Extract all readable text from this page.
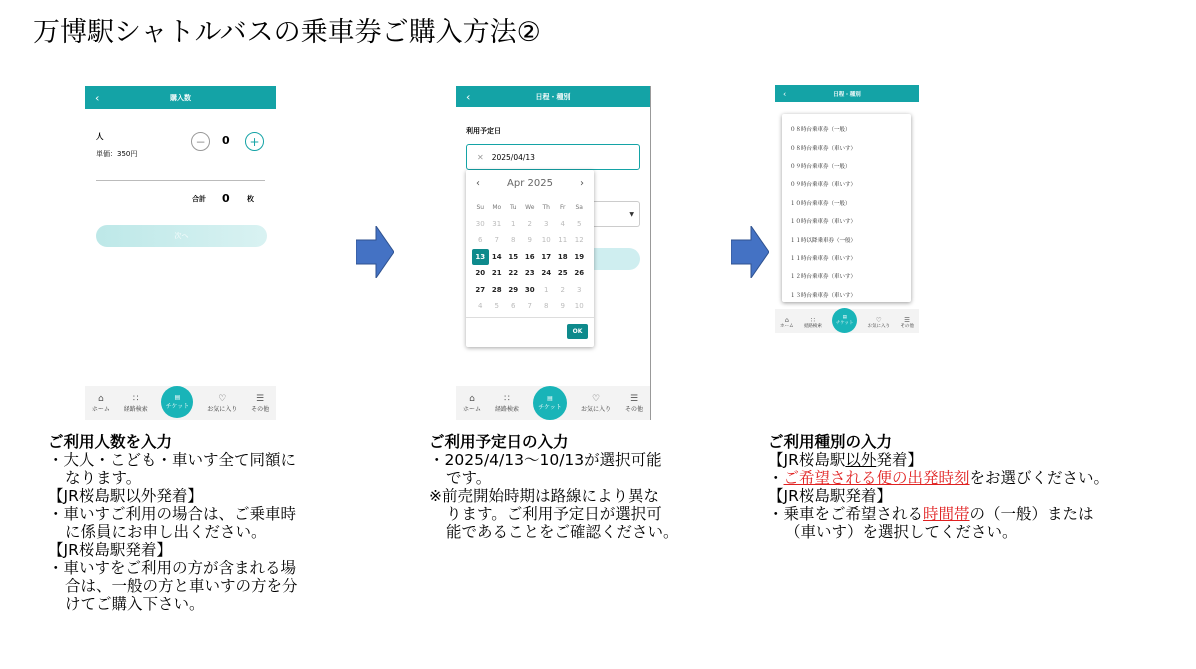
万博駅シャトルバスの乗車券ご購入方法②
‹	購入数
人
単価：350円
−	0	+
合計 0 枚
次へ
⌂
ホーム
∷
経路検索
▤
チケット
♡
お気に入り
☰
その他
‹	日程・種別
利用予定日
✕ 2025/04/13
▼
‹	Apr 2025	›
Su	Mo	Tu	We	Th	Fr	Sa
30	31	1	2	3	4	5
6	7	8	9	10	11	12
13 14 15 16 17 18 19
20 21 22 23 24 25 26
27 28 29 30	1	2	3
4	5	6	7	8	9	10
OK
⌂
ホーム
∷
経路検索
▤
チケット
♡
お気に入り
☰
その他
‹	日程・種別
０８時台乗車券（一般）
０８時台乗車券（車いす）
０９時台乗車券（一般）
０９時台乗車券（車いす）
１０時台乗車券（一般）
１０時台乗車券（車いす）
１１時以降乗車券（一般）
１１時台乗車券（車いす）
１２時台乗車券（車いす）
１３時台乗車券（車いす）
⌂
ホーム
∷
経路検索
▤
チケット	♡
お気に入り
☰
その他
ご利用人数を入力
・大人・こども・車いす全て同額に
なります。
【JR桜島駅以外発着】
・車いすご利用の場合は、ご乗車時
に係員にお申し出ください。
【JR桜島駅発着】
・車いすをご利用の方が含まれる場
合は、一般の方と車いすの方を分
けてご購入下さい。
ご利用予定日の入力
・2025/4/13～10/13が選択可能
です。
※前売開始時期は路線により異な
ります。ご利用予定日が選択可
能であることをご確認ください。
ご利用種別の入力
【JR桜島駅以外発着】
・ご希望される便の出発時刻をお選びください。
【JR桜島駅発着】
・乗車をご希望される時間帯の（一般）または
（車いす）を選択してください。
